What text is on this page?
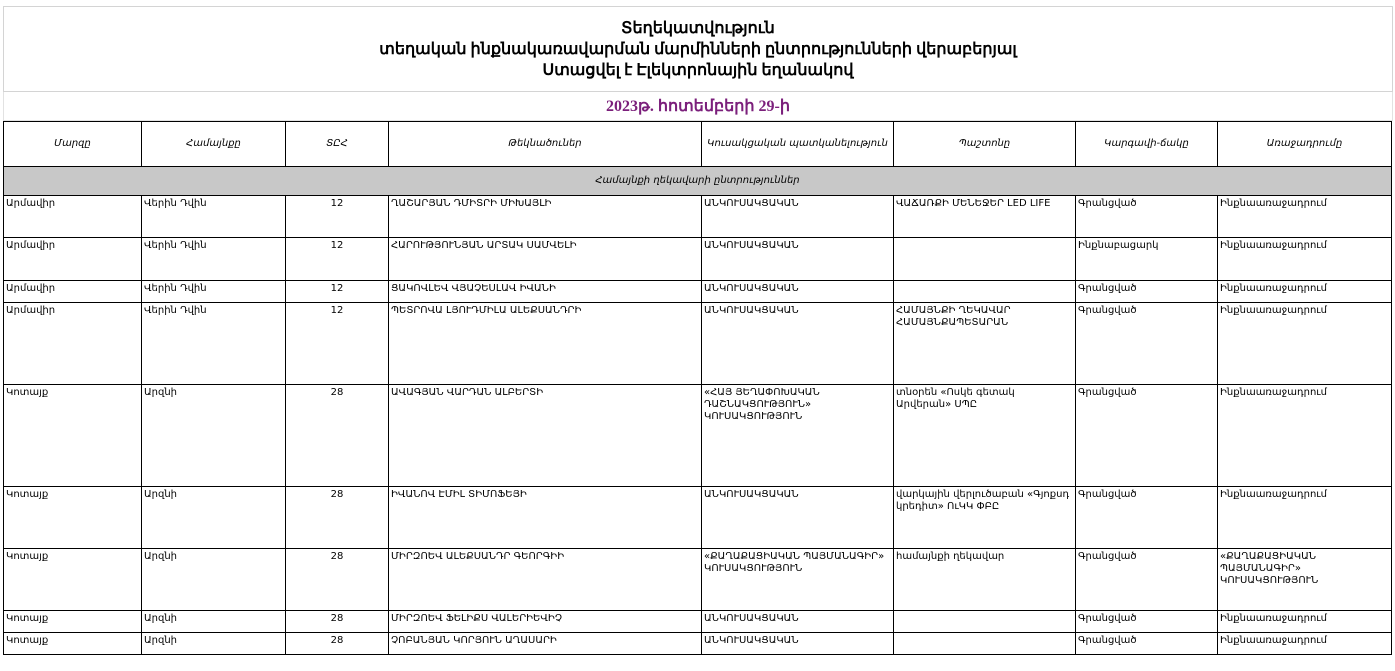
Տեղեկատվություն
տեղական ինքնակառավարման մարմինների ընտրությունների վերաբերյալ
Ստացվել է Էլեկտրոնային եղանակով
2023թ. հոտեմբերի 29-ի
Մարզը	Համայնքը	ՏԸՀ	Թեկնածուներ	Կուսակցական պատկանելություն	Պաշտոնը	Կարգավի-ճակը	Առաջադրումը
Համայնքի ղեկավարի ընտրություններ							
Արմավիր	Վերին Դվին	12	ՂԱՇԱՐՅԱՆ ԴՄԻՏՐԻ ՄԻԽԱՅԼԻ	ԱՆԿՈՒՍԱԿՑԱԿԱՆ	ՎԱՃԱՌՔԻ ՄԵՆԵՋԵՐ LED LIFE	Գրանցված	Ինքնաառաջադրում
Արմավիր	Վերին Դվին	12	ՀԱՐՈՒԹՅՈՒՆՅԱՆ ԱՐՏԱԿ ՍԱՄՎԵԼԻ	ԱՆԿՈՒՍԱԿՑԱԿԱՆ		Ինքնաբացարկ	Ինքնաառաջադրում
Արմավիր	Վերին Դվին	12	ՑԱԿՈՎԼԵՎ ՎՅԱՉԵՍԼԱՎ ԻՎԱՆԻ	ԱՆԿՈՒՍԱԿՑԱԿԱՆ		Գրանցված	Ինքնաառաջադրում
Արմավիր	Վերին Դվին	12	ՊԵՏՐՈՎԱ ԼՅՈՒԴՄԻԼԱ ԱԼԵՔՍԱՆԴՐԻ	ԱՆԿՈՒՍԱԿՑԱԿԱՆ	ՀԱՄԱՅՆՔԻ ՂԵԿԱՎԱՐ ՀԱՄԱՅՆՔԱՊԵՏԱՐԱՆ	Գրանցված	Ինքնաառաջադրում
Կոտայք	Արզնի	28	ԱՎԱԳՅԱՆ ՎԱՐԴԱՆ ԱԼԲԵՐՏԻ	«ՀԱՅ ՅԵՂԱՓՈԽԱԿԱՆ ԴԱՇՆԱԿՑՈՒԹՅՈՒՆ» ԿՈՒՍԱԿՑՈՒԹՅՈՒՆ	տնօրեն «Ոսկե գետակ Արվերան» ՍՊԸ	Գրանցված	Ինքնաառաջադրում
Կոտայք	Արզնի	28	ԻՎԱՆՈՎ ԷՄԻԼ ՏԻՄՈՖԵՅԻ	ԱՆԿՈՒՍԱԿՑԱԿԱՆ	վարկային վերլուծաբան «Գյոքսդ կրեդիտ» ՈւԿԿ ՓԲԸ	Գրանցված	Ինքնաառաջադրում
Կոտայք	Արզնի	28	ՄԻՐԶՈԵՎ ԱԼԵՔՍԱՆԴՐ ԳԵՈՐԳԻԻ	«ՔԱՂԱՔԱՑԻԱԿԱՆ ՊԱՅՄԱՆԱԳԻՐ» ԿՈՒՍԱԿՑՈՒԹՅՈՒՆ	համայնքի ղեկավար	Գրանցված	«ՔԱՂԱՔԱՑԻԱԿԱՆ ՊԱՅՄԱՆԱԳԻՐ» ԿՈՒՍԱԿՑՈՒԹՅՈՒՆ
Կոտայք	Արզնի	28	ՄԻՐԶՈԵՎ ՖԵԼԻՔՍ ՎԱԼԵՐԻԵՎԻՉ	ԱՆԿՈՒՍԱԿՑԱԿԱՆ		Գրանցված	Ինքնաառաջադրում
Կոտայք	Արզնի	28	ՉՈԲԱՆՅԱՆ ԿՈՐՅՈՒՆ ԱՂԱՍԱՐԻ	ԱՆԿՈՒՍԱԿՑԱԿԱՆ		Գրանցված	Ինքնաառաջադրում
